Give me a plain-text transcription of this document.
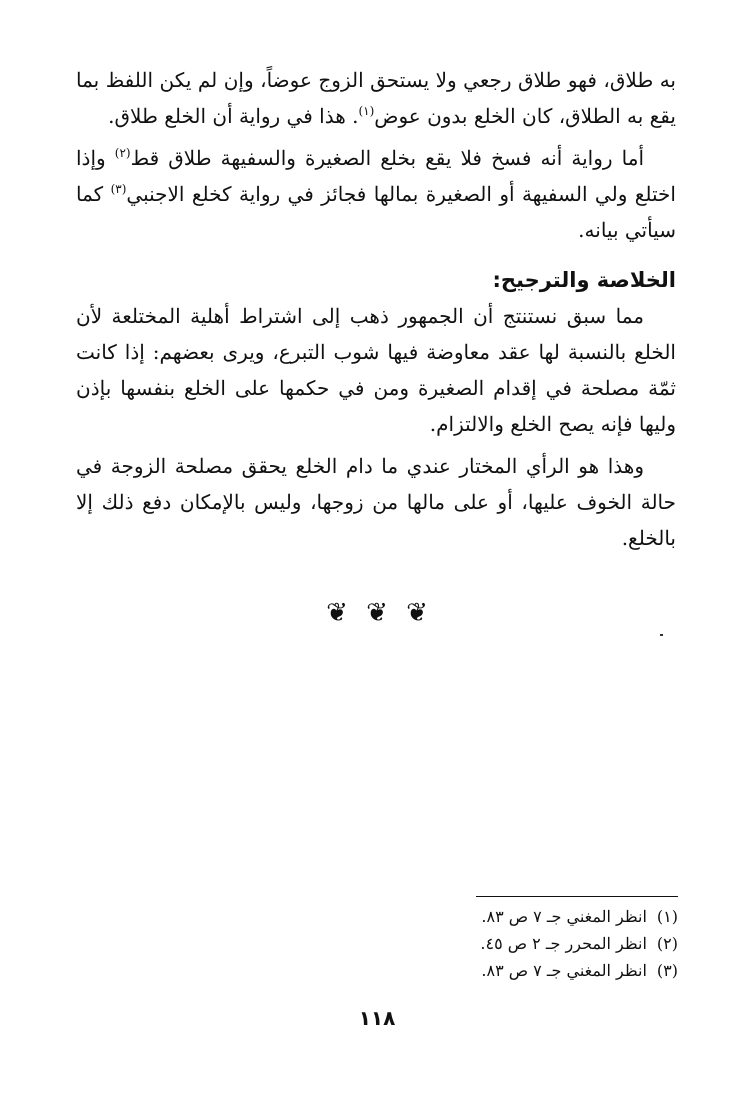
به طلاق، فهو طلاق رجعي ولا يستحق الزوج عوضاً، وإن لم يكن اللفظ بما يقع به الطلاق، كان الخلع بدون عوض$^{(١)}$. هذا في رواية أن الخلع طلاق.

أما رواية أنه فسخ فلا يقع بخلع الصغيرة والسفيهة طلاق قط$^{(٢)}$ وإذا اختلع ولي السفيهة أو الصغيرة بمالها فجائز في رواية كخلع الاجنبي$^{(٣)}$ كما سيأتي بيانه.

الخلاصة والترجيح:

مما سبق نستنتج أن الجمهور ذهب إلى اشتراط أهلية المختلعة لأن الخلع بالنسبة لها عقد معاوضة فيها شوب التبرع، ويرى بعضهم: إذا كانت ثمّة مصلحة في إقدام الصغيرة ومن في حكمها على الخلع بنفسها بإذن وليها فإنه يصح الخلع والالتزام.

وهذا هو الرأي المختار عندي ما دام الخلع يحقق مصلحة الزوجة في حالة الخوف عليها، أو على مالها من زوجها، وليس بالإمكان دفع ذلك إلا بالخلع.

❦ ❦ ❦
(١)انظر المغني جـ ٧ ص ٨٣.
(٢)انظر المحرر جـ ٢ ص ٤٥.
(٣)انظر المغني جـ ٧ ص ٨٣.
١١٨
